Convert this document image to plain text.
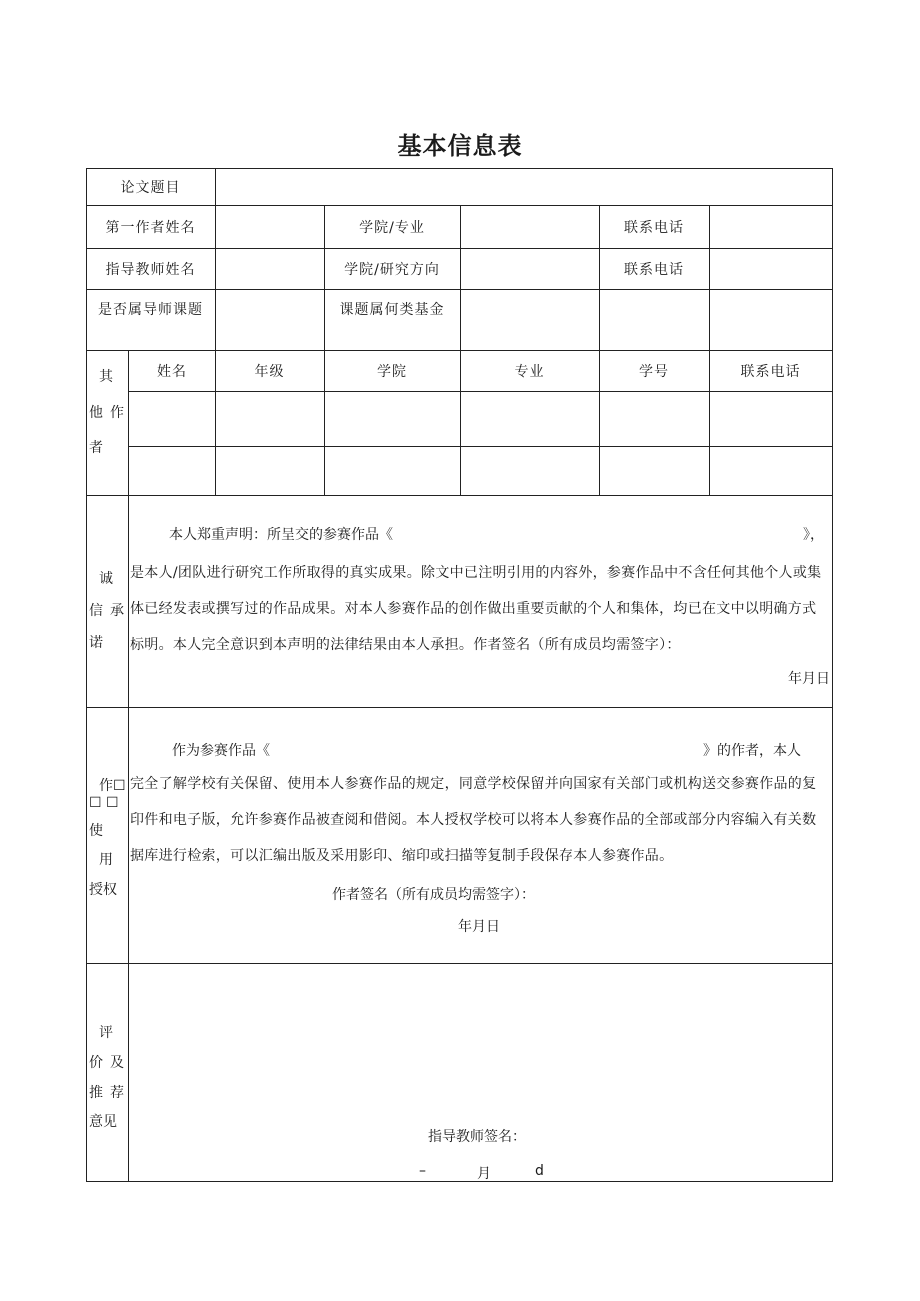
基本信息表
论文题目
第一作者姓名	学院/专业	联系电话
指导教师姓名	学院/研究方向	联系电话
是否属导师课题	课题属何类基金
其
他 作
者
姓名	年级	学院	专业	学号	联系电话
诚
信 承
诺
本人郑重声明：所呈交的参赛作品《	》，
是本人/团队进行研究工作所取得的真实成果。除文中已注明引用的内容外，参赛作品中不含任何其他个人或集体已经发表或撰写过的作品成果。对本人参赛作品的创作做出重要贡献的个人和集体，均已在文中以明确方式标明。本人完全意识到本声明的法律结果由本人承担。作者签名（所有成员均需签字）：
年月日
作☐
☐ ☐
使
用
授权
作为参赛作品《	》的作者，本人
完全了解学校有关保留、使用本人参赛作品的规定，同意学校保留并向国家有关部门或机构送交参赛作品的复印件和电子版，允许参赛作品被查阅和借阅。本人授权学校可以将本人参赛作品的全部或部分内容编入有关数据库进行检索，可以汇编出版及采用影印、缩印或扫描等复制手段保存本人参赛作品。
作者签名（所有成员均需签字）：
年月日
评
价 及
推 荐
意见
指导教师签名：
–	月	d
